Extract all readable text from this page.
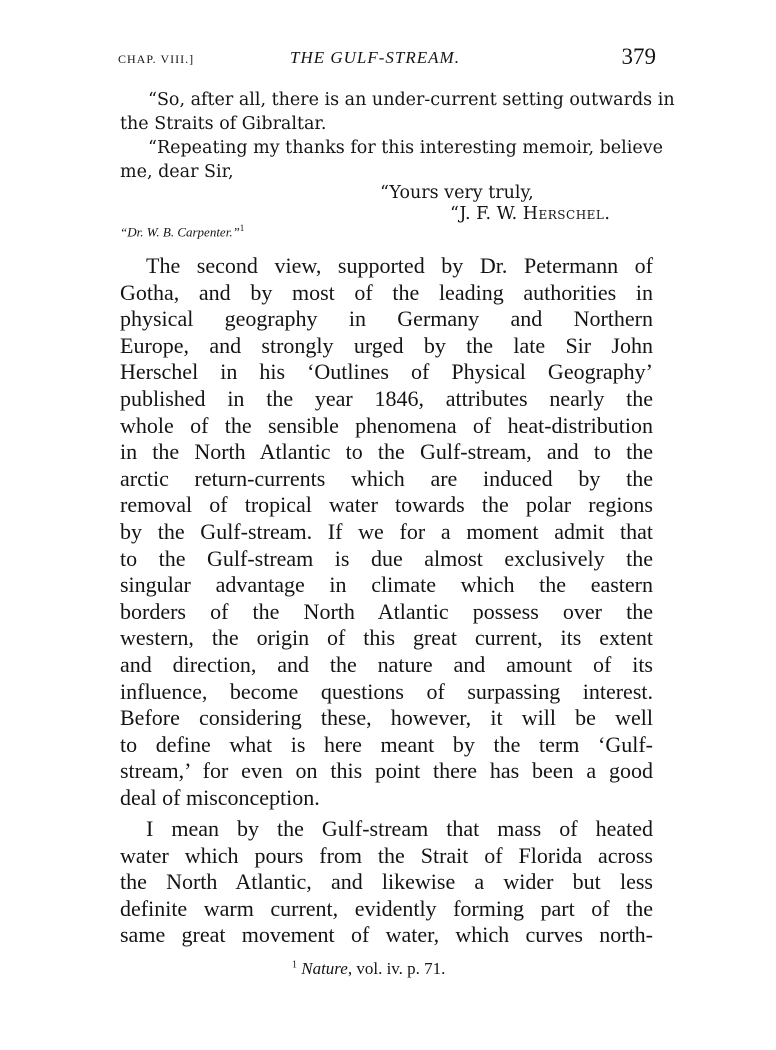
CHAP. VIII.]	THE GULF-STREAM.	379
“So, after all, there is an under-current setting outwards in
the Straits of Gibraltar.
“Repeating my thanks for this interesting memoir, believe
me, dear Sir,
“Yours very truly,
“J. F. W. Herschel.
“Dr. W. B. Carpenter.”$^1$
The second view, supported by Dr. Petermann of
Gotha, and by most of the leading authorities in
physical geography in Germany and Northern
Europe, and strongly urged by the late Sir John
Herschel in his ‘Outlines of Physical Geography’
published in the year 1846, attributes nearly the
whole of the sensible phenomena of heat-distribution
in the North Atlantic to the Gulf-stream, and to the
arctic return-currents which are induced by the
removal of tropical water towards the polar regions
by the Gulf-stream. If we for a moment admit that
to the Gulf-stream is due almost exclusively the
singular advantage in climate which the eastern
borders of the North Atlantic possess over the
western, the origin of this great current, its extent
and direction, and the nature and amount of its
influence, become questions of surpassing interest.
Before considering these, however, it will be well
to define what is here meant by the term ‘Gulf-
stream,’ for even on this point there has been a good
deal of misconception.
I mean by the Gulf-stream that mass of heated
water which pours from the Strait of Florida across
the North Atlantic, and likewise a wider but less
definite warm current, evidently forming part of the
same great movement of water, which curves north-
$^1$ Nature, vol. iv. p. 71.
